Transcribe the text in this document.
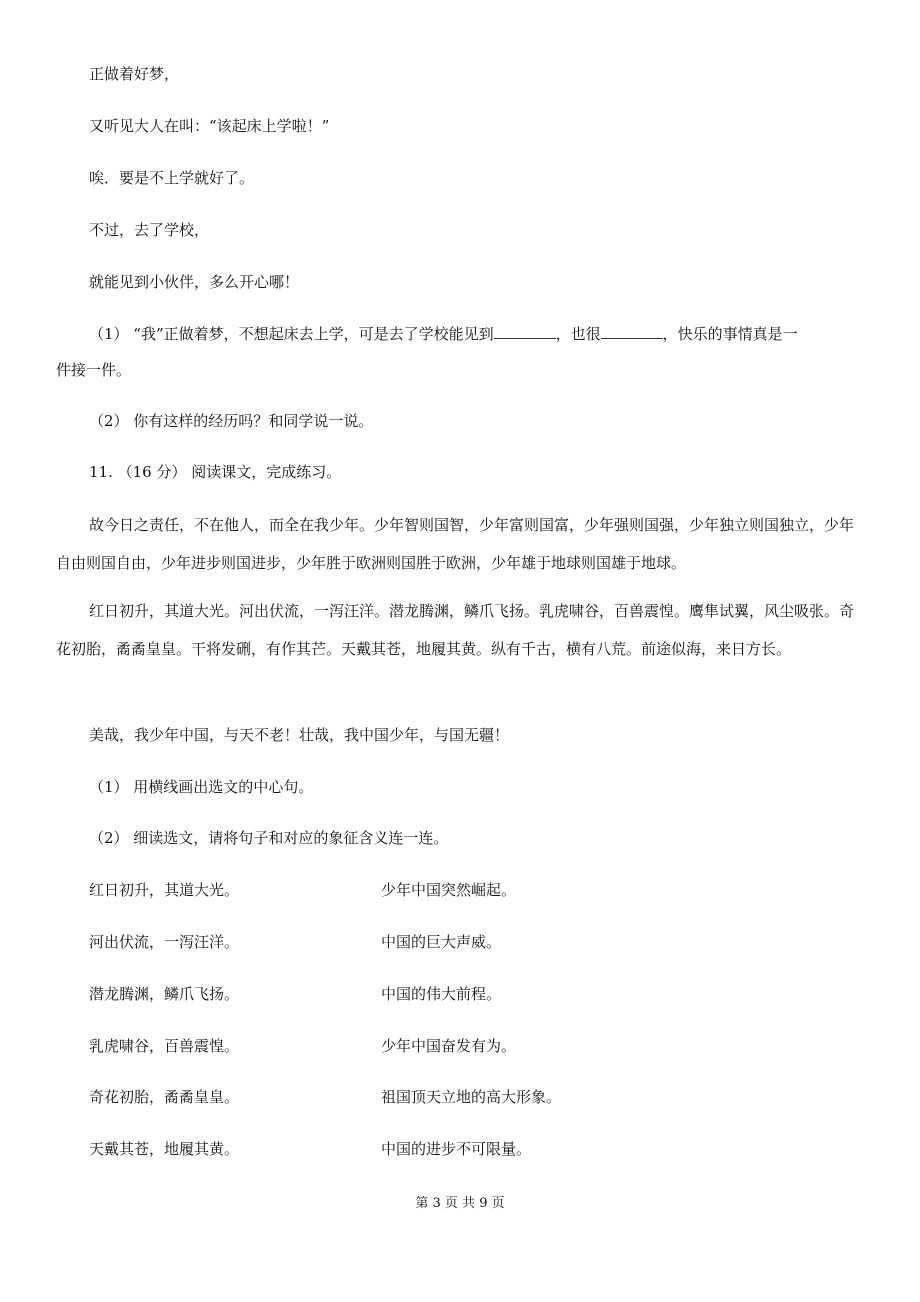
正做着好梦，
又听见大人在叫：“该起床上学啦！”
唉．要是不上学就好了。
不过，去了学校，
就能见到小伙伴，多么开心哪！
（1） “我”正做着梦，不想起床去上学，可是去了学校能见到	，也很	，快乐的事情真是一
件接一件。
（2） 你有这样的经历吗？和同学说一说。
11. （16 分） 阅读课文，完成练习。
故今日之责任，不在他人，而全在我少年。少年智则国智，少年富则国富，少年强则国强，少年独立则国独立，少年自由则国自由，少年进步则国进步，少年胜于欧洲则国胜于欧洲，少年雄于地球则国雄于地球。
红日初升，其道大光。河出伏流，一泻汪洋。潜龙腾渊，鳞爪飞扬。乳虎啸谷，百兽震惶。鹰隼试翼，风尘吸张。奇花初胎，矞矞皇皇。干将发硎，有作其芒。天戴其苍，地履其黄。纵有千古，横有八荒。前途似海，来日方长。
美哉，我少年中国，与天不老！壮哉，我中国少年，与国无疆！
（1） 用横线画出选文的中心句。
（2） 细读选文，请将句子和对应的象征含义连一连。
红日初升，其道大光。	少年中国突然崛起。
河出伏流，一泻汪洋。	中国的巨大声威。
潜龙腾渊，鳞爪飞扬。	中国的伟大前程。
乳虎啸谷，百兽震惶。	少年中国奋发有为。
奇花初胎，矞矞皇皇。	祖国顶天立地的高大形象。
天戴其苍，地履其黄。	中国的进步不可限量。
第 3 页 共 9 页
